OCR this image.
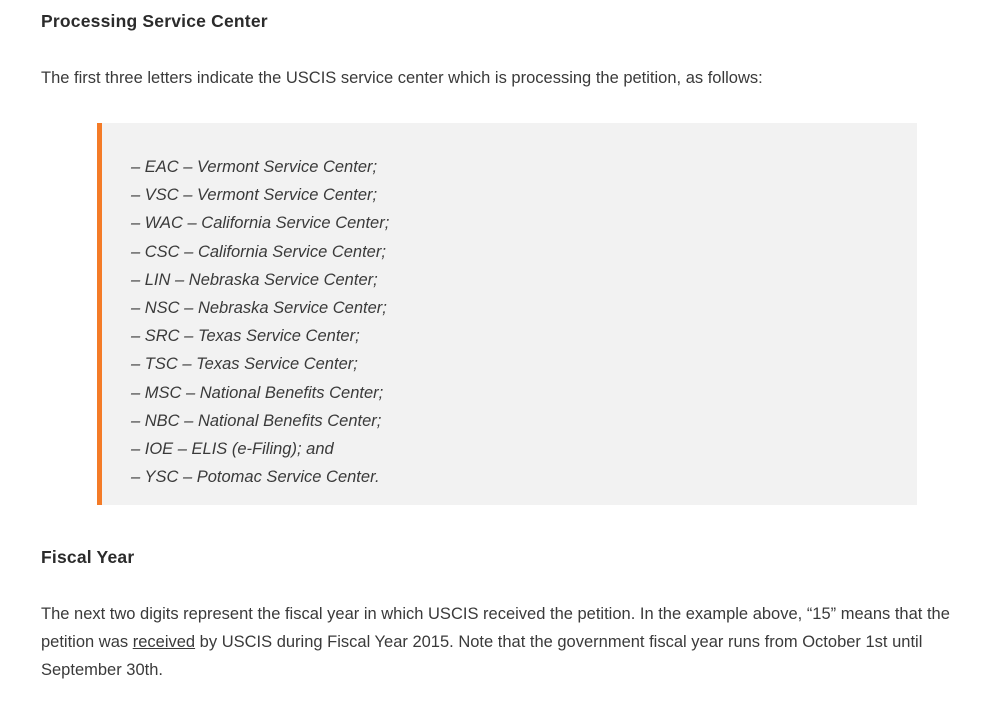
Processing Service Center

The first three letters indicate the USCIS service center which is processing the petition, as follows:

– EAC – Vermont Service Center;
– VSC – Vermont Service Center;
– WAC – California Service Center;
– CSC – California Service Center;
– LIN – Nebraska Service Center;
– NSC – Nebraska Service Center;
– SRC – Texas Service Center;
– TSC – Texas Service Center;
– MSC – National Benefits Center;
– NBC – National Benefits Center;
– IOE – ELIS (e-Filing); and
– YSC – Potomac Service Center.
Fiscal Year

The next two digits represent the fiscal year in which USCIS received the petition. In the example above, “15” means that the petition was received by USCIS during Fiscal Year 2015. Note that the government fiscal year runs from October 1st until September 30th.
